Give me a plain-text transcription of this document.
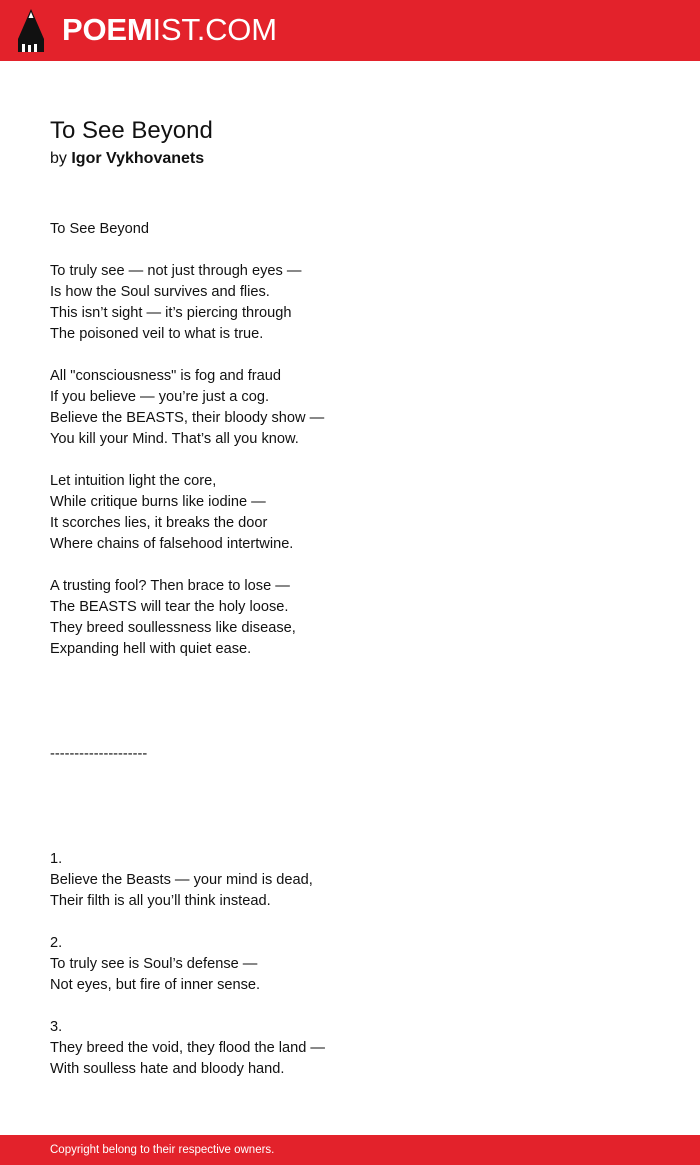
POEMIST.COM
To See Beyond
by Igor Vykhovanets
To See Beyond

To truly see — not just through eyes —
Is how the Soul survives and flies.
This isn’t sight — it’s piercing through
The poisoned veil to what is true.

All "consciousness" is fog and fraud
If you believe — you’re just a cog.
Believe the BEASTS, their bloody show —
You kill your Mind. That’s all you know.

Let intuition light the core,
While critique burns like iodine —
It scorches lies, it breaks the door
Where chains of falsehood intertwine.

A trusting fool? Then brace to lose —
The BEASTS will tear the holy loose.
They breed soullessness like disease,
Expanding hell with quiet ease.

--------------------

1.
Believe the Beasts — your mind is dead,
Their filth is all you’ll think instead.

2.
To truly see is Soul’s defense —
Not eyes, but fire of inner sense.

3.
They breed the void, they flood the land —
With soulless hate and bloody hand.
Copyright belong to their respective owners.
